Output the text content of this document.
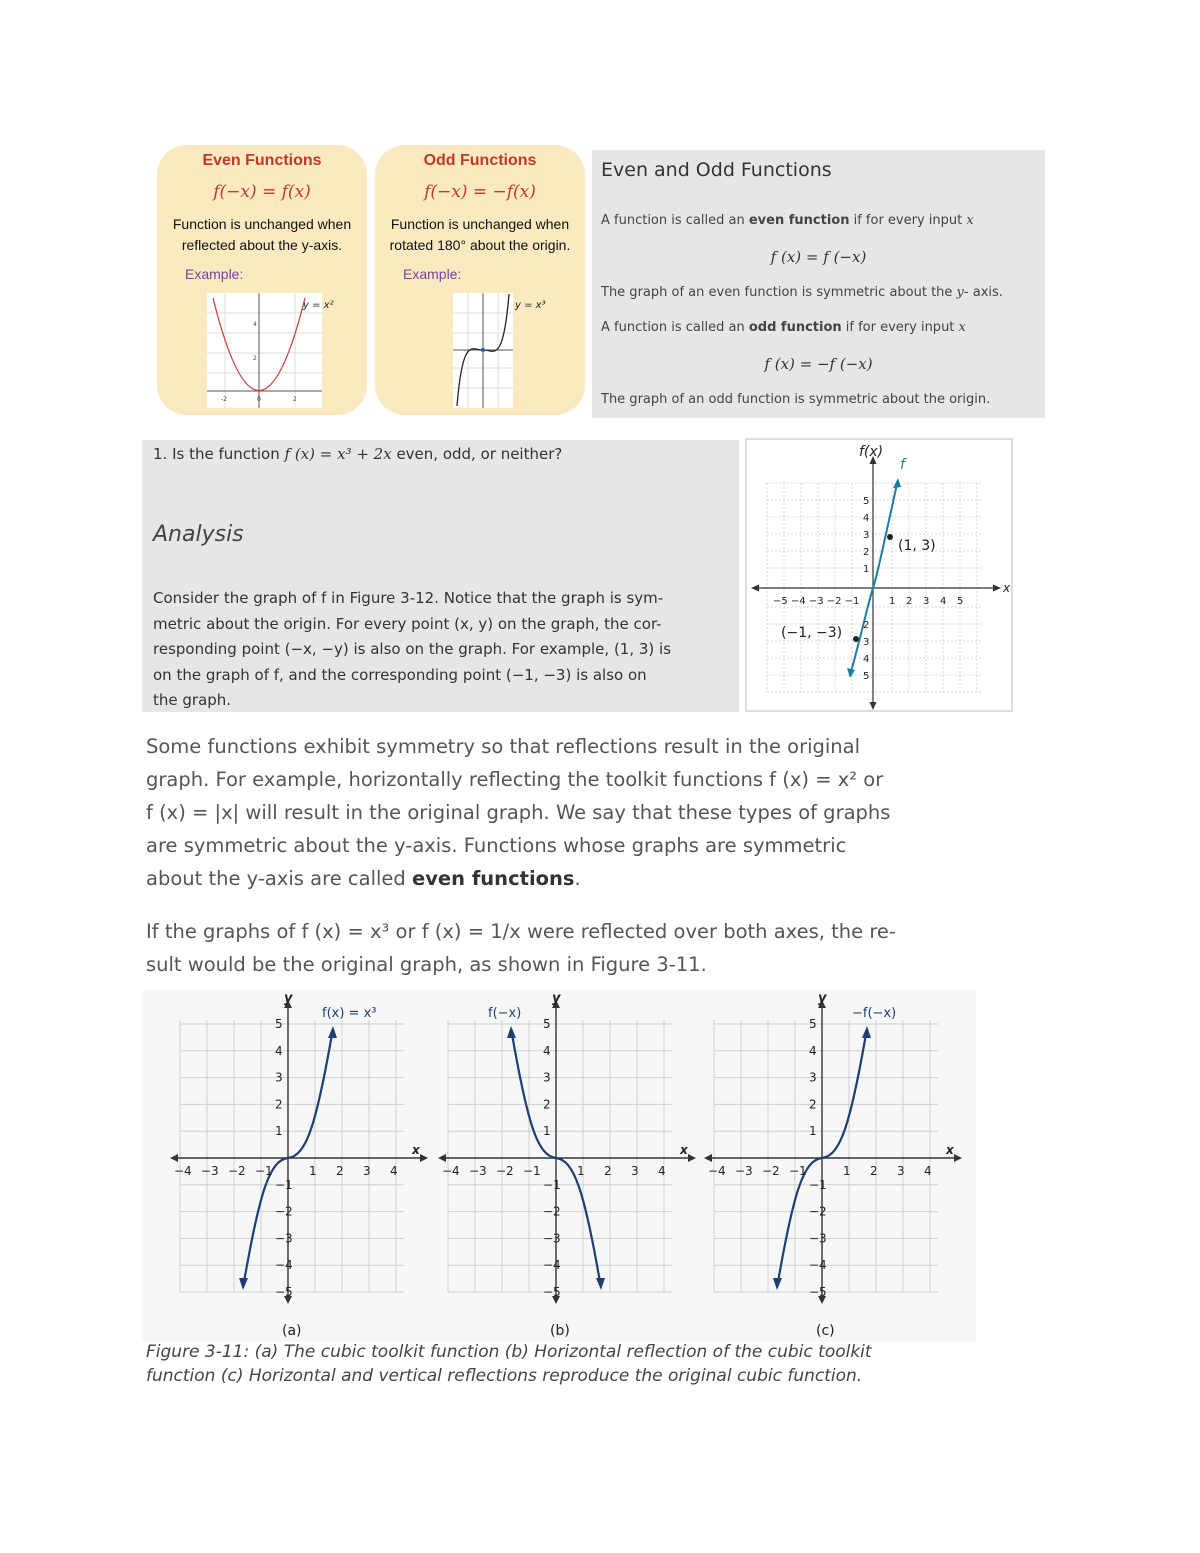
Even Functions
f(−x) = f(x)
Function is unchanged when
reflected about the y-axis.
Example:
y = x²
4
2
-2	0	2
Odd Functions
f(−x) = −f(x)
Function is unchanged when
rotated 180° about the origin.
Example:
y = x³
Even and Odd Functions
A function is called an even function if for every input x
f (x) = f (−x)
The graph of an even function is symmetric about the y- axis.
A function is called an odd function if for every input x
f (x) = −f (−x)
The graph of an odd function is symmetric about the origin.
1. Is the function f (x) = x³ + 2x even, odd, or neither?
Analysis
Consider the graph of f in Figure 3-12. Notice that the graph is sym-
metric about the origin. For every point (x, y) on the graph, the cor-
responding point (−x, −y) is also on the graph. For example, (1, 3) is
on the graph of f, and the corresponding point (−1, −3) is also on
the graph.
f(x)
f
x
(1, 3)
(−1, −3)
−5 −4 −3 −2 −1	1 2 3 4 5
5
4
3
2
1
2
3
4
5
Some functions exhibit symmetry so that reflections result in the original
graph. For example, horizontally reflecting the toolkit functions f (x) = x² or
f (x) = |x| will result in the original graph. We say that these types of graphs
are symmetric about the y-axis. Functions whose graphs are symmetric
about the y-axis are called even functions.
If the graphs of f (x) = x³ or f (x) = 1/x were reflected over both axes, the re-
sult would be the original graph, as shown in Figure 3-11.
f(x) = x³
y
x
−4 −3 −2 −1	1 2 3 4
5
4
3
2
1
−1
−2
−3
−4
−5
(a)
f(−x)
y
x
−4 −3 −2 −1	1 2 3 4
5
4
3
2
1
−1
−2
−3
−4
−5
(b)
−f(−x)
y
x
−4 −3 −2 −1	1 2 3 4
5
4
3
2
1
−1
−2
−3
−4
−5
(c)
Figure 3-11: (a) The cubic toolkit function (b) Horizontal reflection of the cubic toolkit
function (c) Horizontal and vertical reflections reproduce the original cubic function.
